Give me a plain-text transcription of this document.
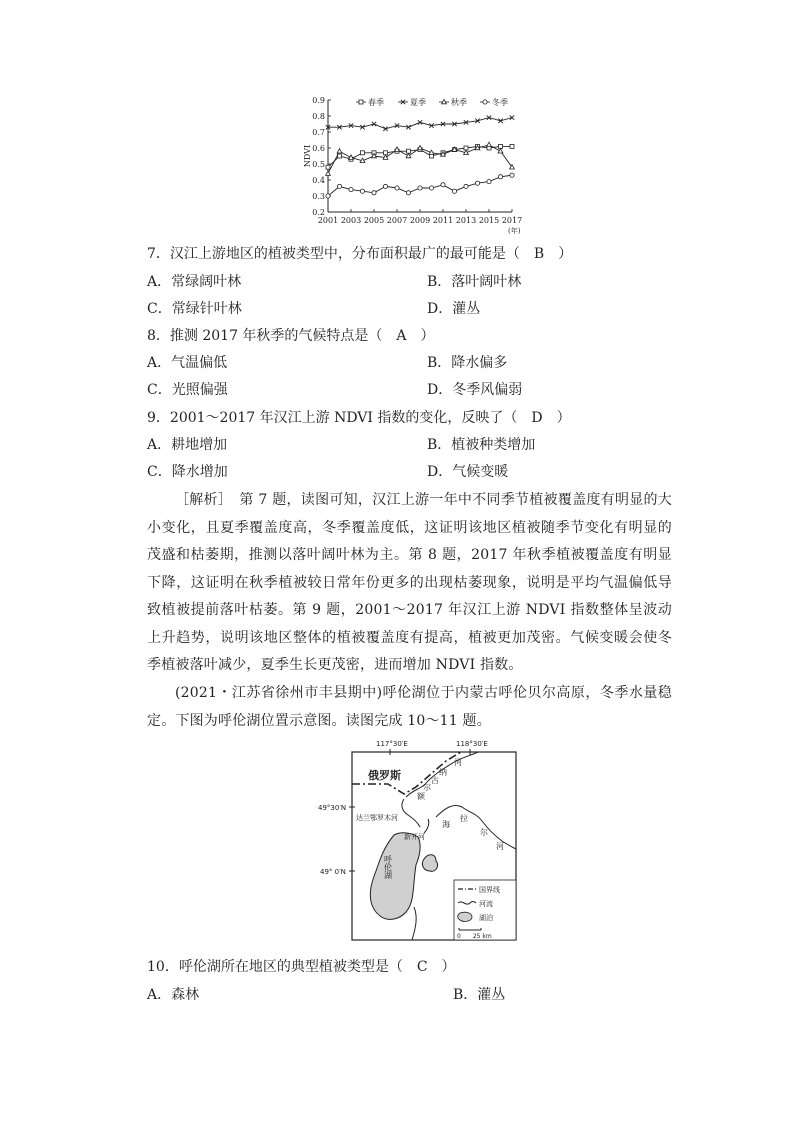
0.9
0.8
0.7
0.6
0.5
0.4
0.3
0.2
2001 2003 2005 2007 2009 2011 2013 2015 2017
(年)
NDVI
春季	夏季	秋季	冬季
7．汉江上游地区的植被类型中，分布面积最广的最可能是（　B　）
A．常绿阔叶林	B．落叶阔叶林
C．常绿针叶林	D．灌丛
8．推测 2017 年秋季的气候特点是（　A　）
A．气温偏低	B．降水偏多
C．光照偏强	D．冬季风偏弱
9．2001～2017 年汉江上游 NDVI 指数的变化，反映了（　D　）
A．耕地增加	B．植被种类增加
C．降水增加	D．气候变暖
［解析］　第 7 题，读图可知，汉江上游一年中不同季节植被覆盖度有明显的大小变化，且夏季覆盖度高，冬季覆盖度低，这证明该地区植被随季节变化有明显的茂盛和枯萎期，推测以落叶阔叶林为主。第 8 题，2017 年秋季植被覆盖度有明显下降，这证明在秋季植被较日常年份更多的出现枯萎现象，说明是平均气温偏低导致植被提前落叶枯萎。第 9 题，2001～2017 年汉江上游 NDVI 指数整体呈波动上升趋势，说明该地区整体的植被覆盖度有提高，植被更加茂密。气候变暖会使冬季植被落叶减少，夏季生长更茂密，进而增加 NDVI 指数。
(2021・江苏省徐州市丰县期中)呼伦湖位于内蒙古呼伦贝尔高原，冬季水量稳定。下图为呼伦湖位置示意图。读图完成 10～11 题。
117°30′E	118°30′E
49°30′N
49° 0′N
俄罗斯
达兰鄂罗木河
新开河
呼伦湖
额
尔
古
纳
河
海
拉
尔
河
国界线
河流
湖泊
0　　25 km
10．呼伦湖所在地区的典型植被类型是（　C　）
A．森林	B．灌丛
